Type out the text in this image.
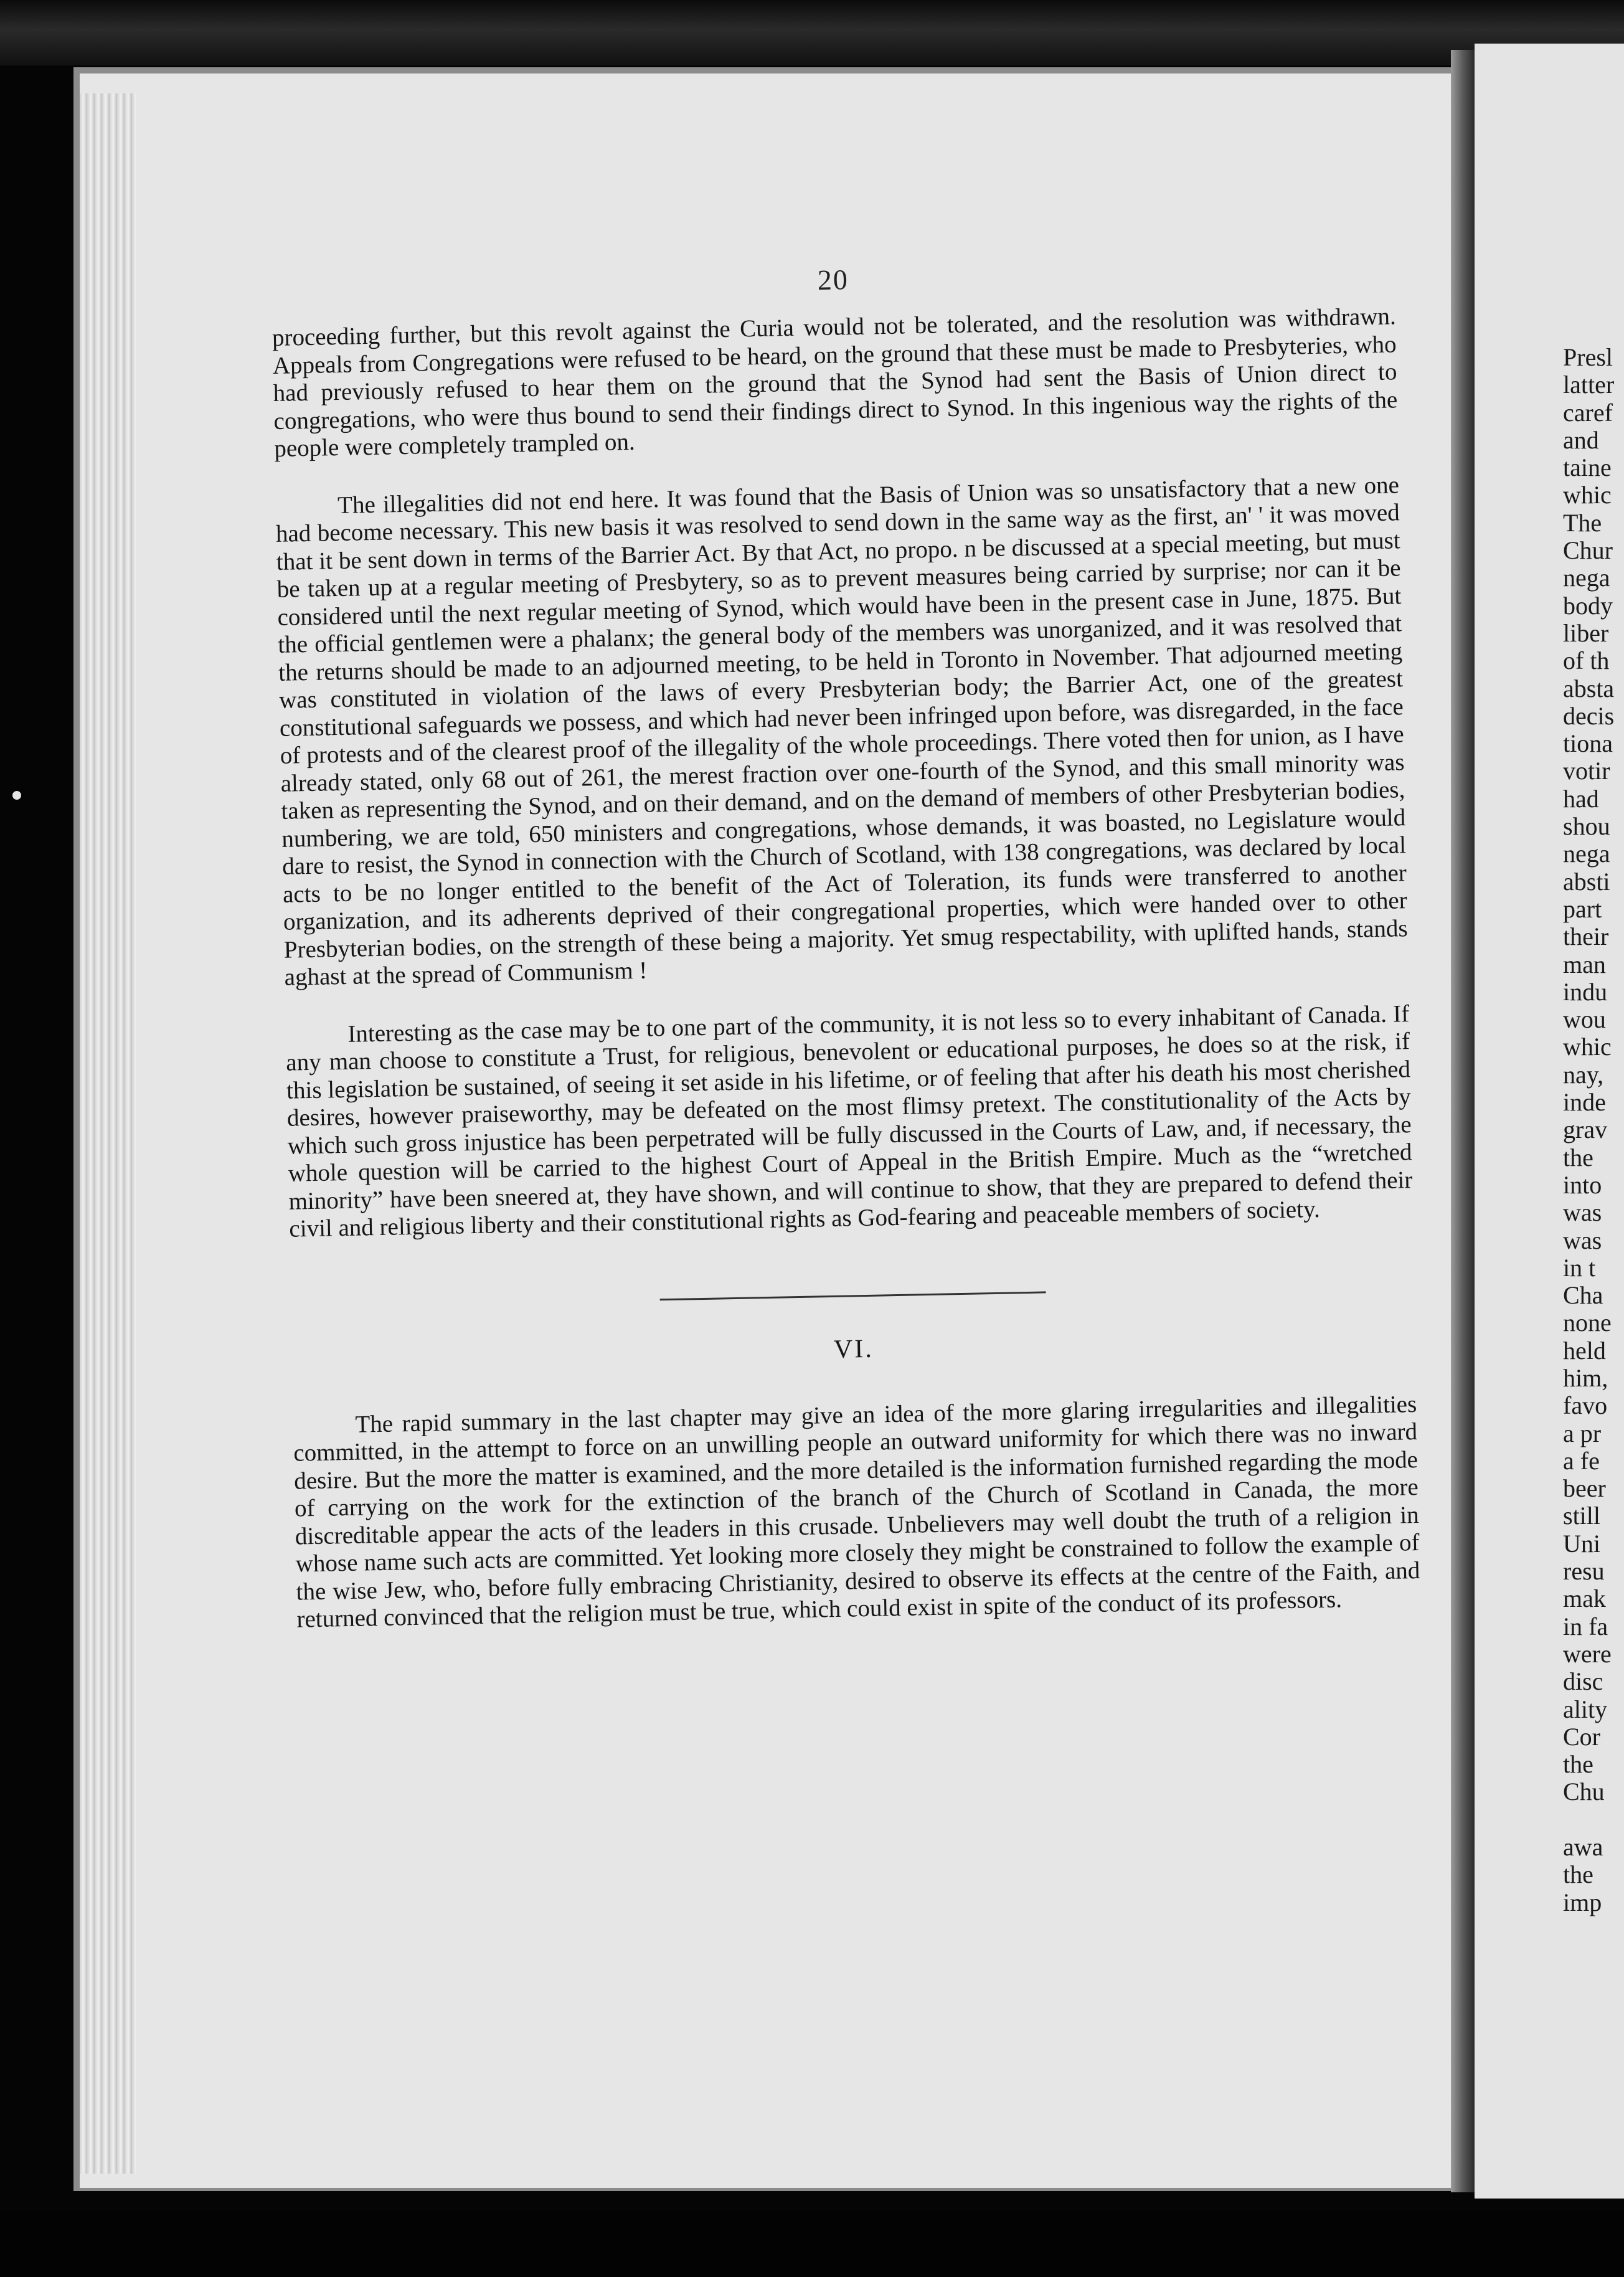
Presl
latter
caref
and
taine
whic
The
Chur
nega
body
liber
of th
absta
decis
tiona
votir
had
shou
nega
absti
part
their
man
indu
wou
whic
nay,
inde
grav
the
into
was
was
in t
Cha
none
held
him,
favo
a pr
a fe
beer
still
Uni
resu
mak
in fa
were
disc
ality
Cor
the
Chu
awa
the
imp
20

proceeding further, but this revolt against the Curia would not be tolerated, and the resolution was withdrawn. Appeals from Congregations were refused to be heard, on the ground that these must be made to Presbyteries, who had previously refused to hear them on the ground that the Synod had sent the Basis of Union direct to congregations, who were thus bound to send their findings direct to Synod. In this ingenious way the rights of the people were completely trampled on.

The illegalities did not end here. It was found that the Basis of Union was so unsatisfactory that a new one had become necessary. This new basis it was resolved to send down in the same way as the first, an' ' it was moved that it be sent down in terms of the Barrier Act. By that Act, no propo. n be discussed at a special meeting, but must be taken up at a regular meeting of Presbytery, so as to prevent measures being carried by surprise; nor can it be considered until the next regular meeting of Synod, which would have been in the present case in June, 1875. But the official gentlemen were a phalanx; the general body of the members was unorganized, and it was resolved that the returns should be made to an adjourned meeting, to be held in Toronto in November. That adjourned meeting was constituted in violation of the laws of every Presbyterian body; the Barrier Act, one of the greatest constitutional safeguards we possess, and which had never been infringed upon before, was disregarded, in the face of protests and of the clearest proof of the illegality of the whole proceedings. There voted then for union, as I have already stated, only 68 out of 261, the merest fraction over one-fourth of the Synod, and this small minority was taken as representing the Synod, and on their demand, and on the demand of members of other Presbyterian bodies, numbering, we are told, 650 ministers and congregations, whose demands, it was boasted, no Legislature would dare to resist, the Synod in connection with the Church of Scotland, with 138 congregations, was declared by local acts to be no longer entitled to the benefit of the Act of Toleration, its funds were transferred to another organization, and its adherents deprived of their congregational properties, which were handed over to other Presbyterian bodies, on the strength of these being a majority. Yet smug respectability, with uplifted hands, stands aghast at the spread of Communism !

Interesting as the case may be to one part of the community, it is not less so to every inhabitant of Canada. If any man choose to constitute a Trust, for religious, benevolent or educational purposes, he does so at the risk, if this legislation be sustained, of seeing it set aside in his lifetime, or of feeling that after his death his most cherished desires, however praiseworthy, may be defeated on the most flimsy pretext. The constitutionality of the Acts by which such gross injustice has been perpetrated will be fully discussed in the Courts of Law, and, if necessary, the whole question will be carried to the highest Court of Appeal in the British Empire. Much as the “wretched minority” have been sneered at, they have shown, and will continue to show, that they are prepared to defend their civil and religious liberty and their constitutional rights as God-fearing and peaceable members of society.

VI.

The rapid summary in the last chapter may give an idea of the more glaring irregularities and illegalities committed, in the attempt to force on an unwilling people an outward uniformity for which there was no inward desire. But the more the matter is examined, and the more detailed is the information furnished regarding the mode of carrying on the work for the extinction of the branch of the Church of Scotland in Canada, the more discreditable appear the acts of the leaders in this crusade. Unbelievers may well doubt the truth of a religion in whose name such acts are committed. Yet looking more closely they might be constrained to follow the example of the wise Jew, who, before fully embracing Christianity, desired to observe its effects at the centre of the Faith, and returned convinced that the religion must be true, which could exist in spite of the conduct of its professors.
